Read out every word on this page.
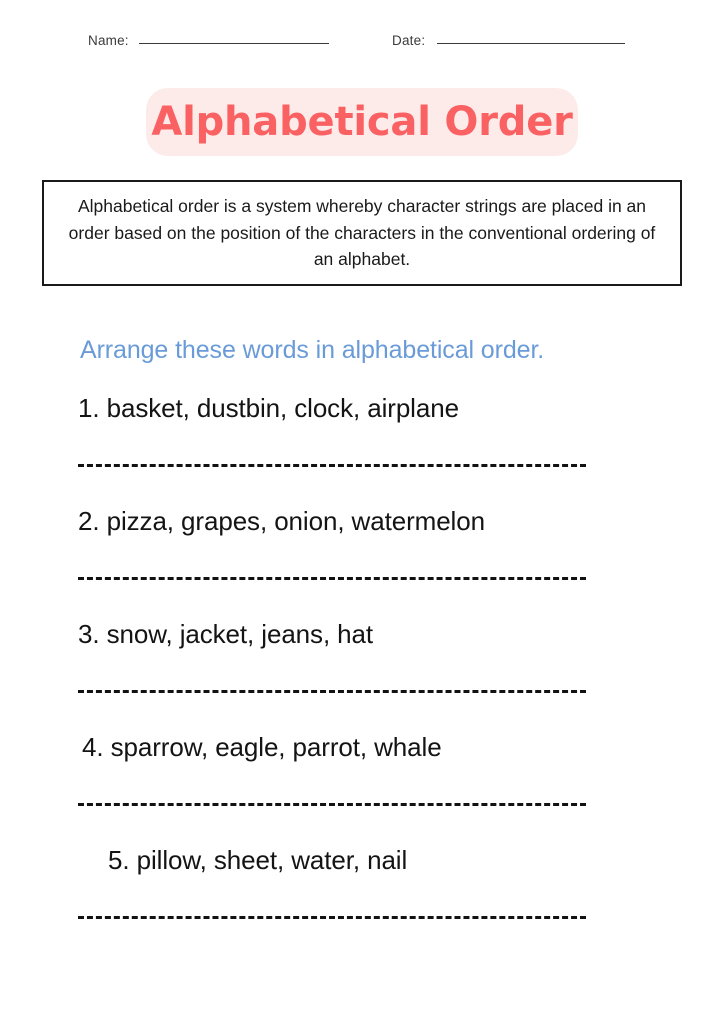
Name:	Date:
Alphabetical Order

Alphabetical order is a system whereby character strings are placed in an order based on the position of the characters in the conventional ordering of an alphabet.

Arrange these words in alphabetical order.
1. basket, dustbin, clock, airplane
2. pizza, grapes, onion, watermelon
3. snow, jacket, jeans, hat
4. sparrow, eagle, parrot, whale
5. pillow, sheet, water, nail
